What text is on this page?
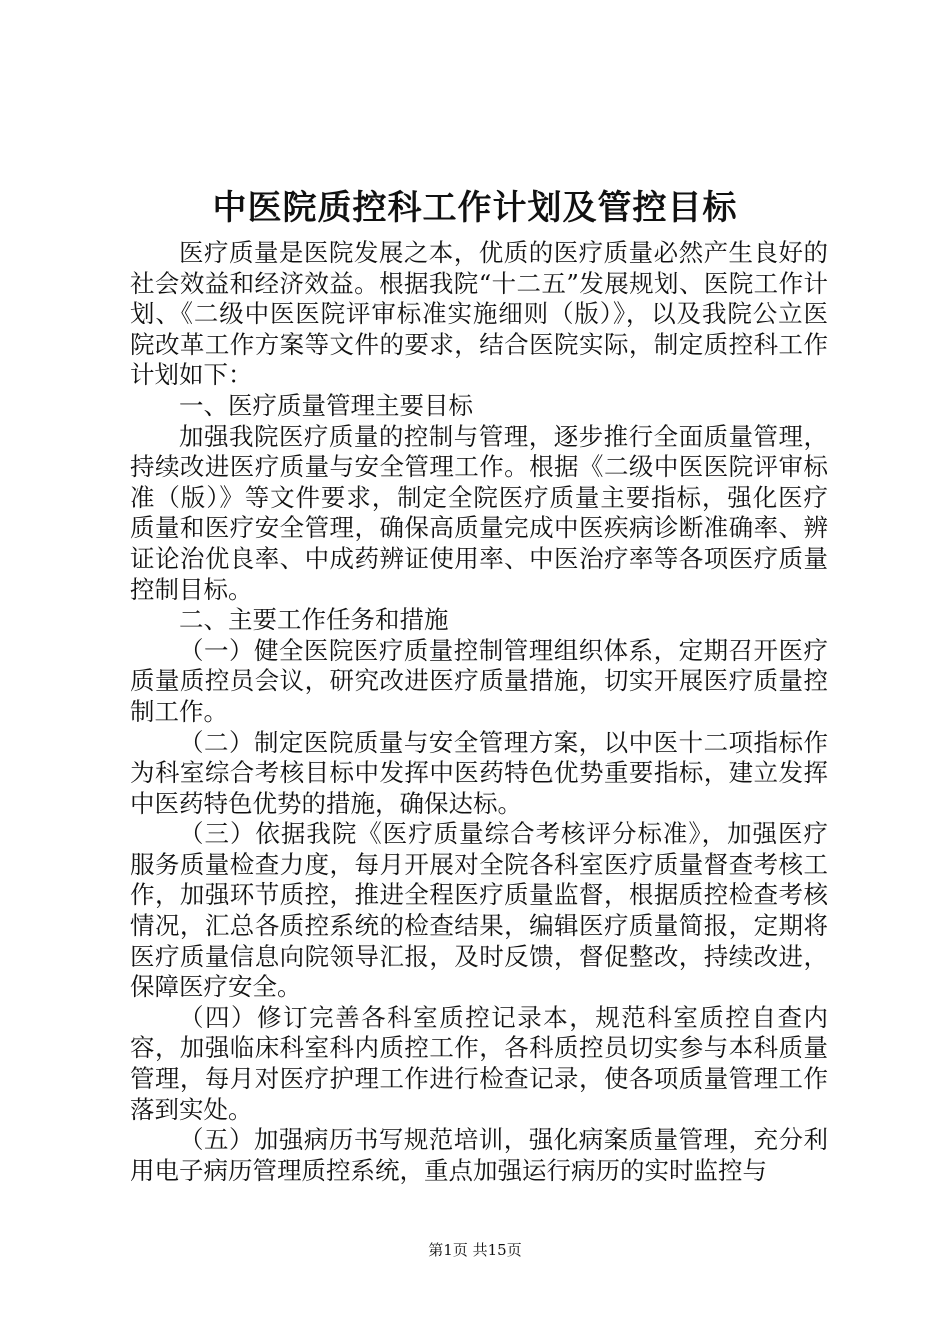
中医院质控科工作计划及管控目标

医疗质量是医院发展之本，优质的医疗质量必然产生良好的社会效益和经济效益。根据我院“十二五”发展规划、医院工作计划、《二级中医医院评审标准实施细则（版）》，以及我院公立医院改革工作方案等文件的要求，结合医院实际，制定质控科工作计划如下：

一、医疗质量管理主要目标

加强我院医疗质量的控制与管理，逐步推行全面质量管理，持续改进医疗质量与安全管理工作。根据《二级中医医院评审标准（版）》等文件要求，制定全院医疗质量主要指标，强化医疗质量和医疗安全管理，确保高质量完成中医疾病诊断准确率、辨证论治优良率、中成药辨证使用率、中医治疗率等各项医疗质量控制目标。

二、主要工作任务和措施

（一）健全医院医疗质量控制管理组织体系，定期召开医疗质量质控员会议，研究改进医疗质量措施，切实开展医疗质量控制工作。

（二）制定医院质量与安全管理方案，以中医十二项指标作为科室综合考核目标中发挥中医药特色优势重要指标，建立发挥中医药特色优势的措施，确保达标。

（三）依据我院《医疗质量综合考核评分标准》，加强医疗服务质量检查力度，每月开展对全院各科室医疗质量督查考核工作，加强环节质控，推进全程医疗质量监督，根据质控检查考核情况，汇总各质控系统的检查结果，编辑医疗质量简报，定期将医疗质量信息向院领导汇报，及时反馈，督促整改，持续改进，保障医疗安全。

（四）修订完善各科室质控记录本，规范科室质控自查内容，加强临床科室科内质控工作，各科质控员切实参与本科质量管理，每月对医疗护理工作进行检查记录，使各项质量管理工作落到实处。

（五）加强病历书写规范培训，强化病案质量管理，充分利用电子病历管理质控系统，重点加强运行病历的实时监控与

第1页 共15页
